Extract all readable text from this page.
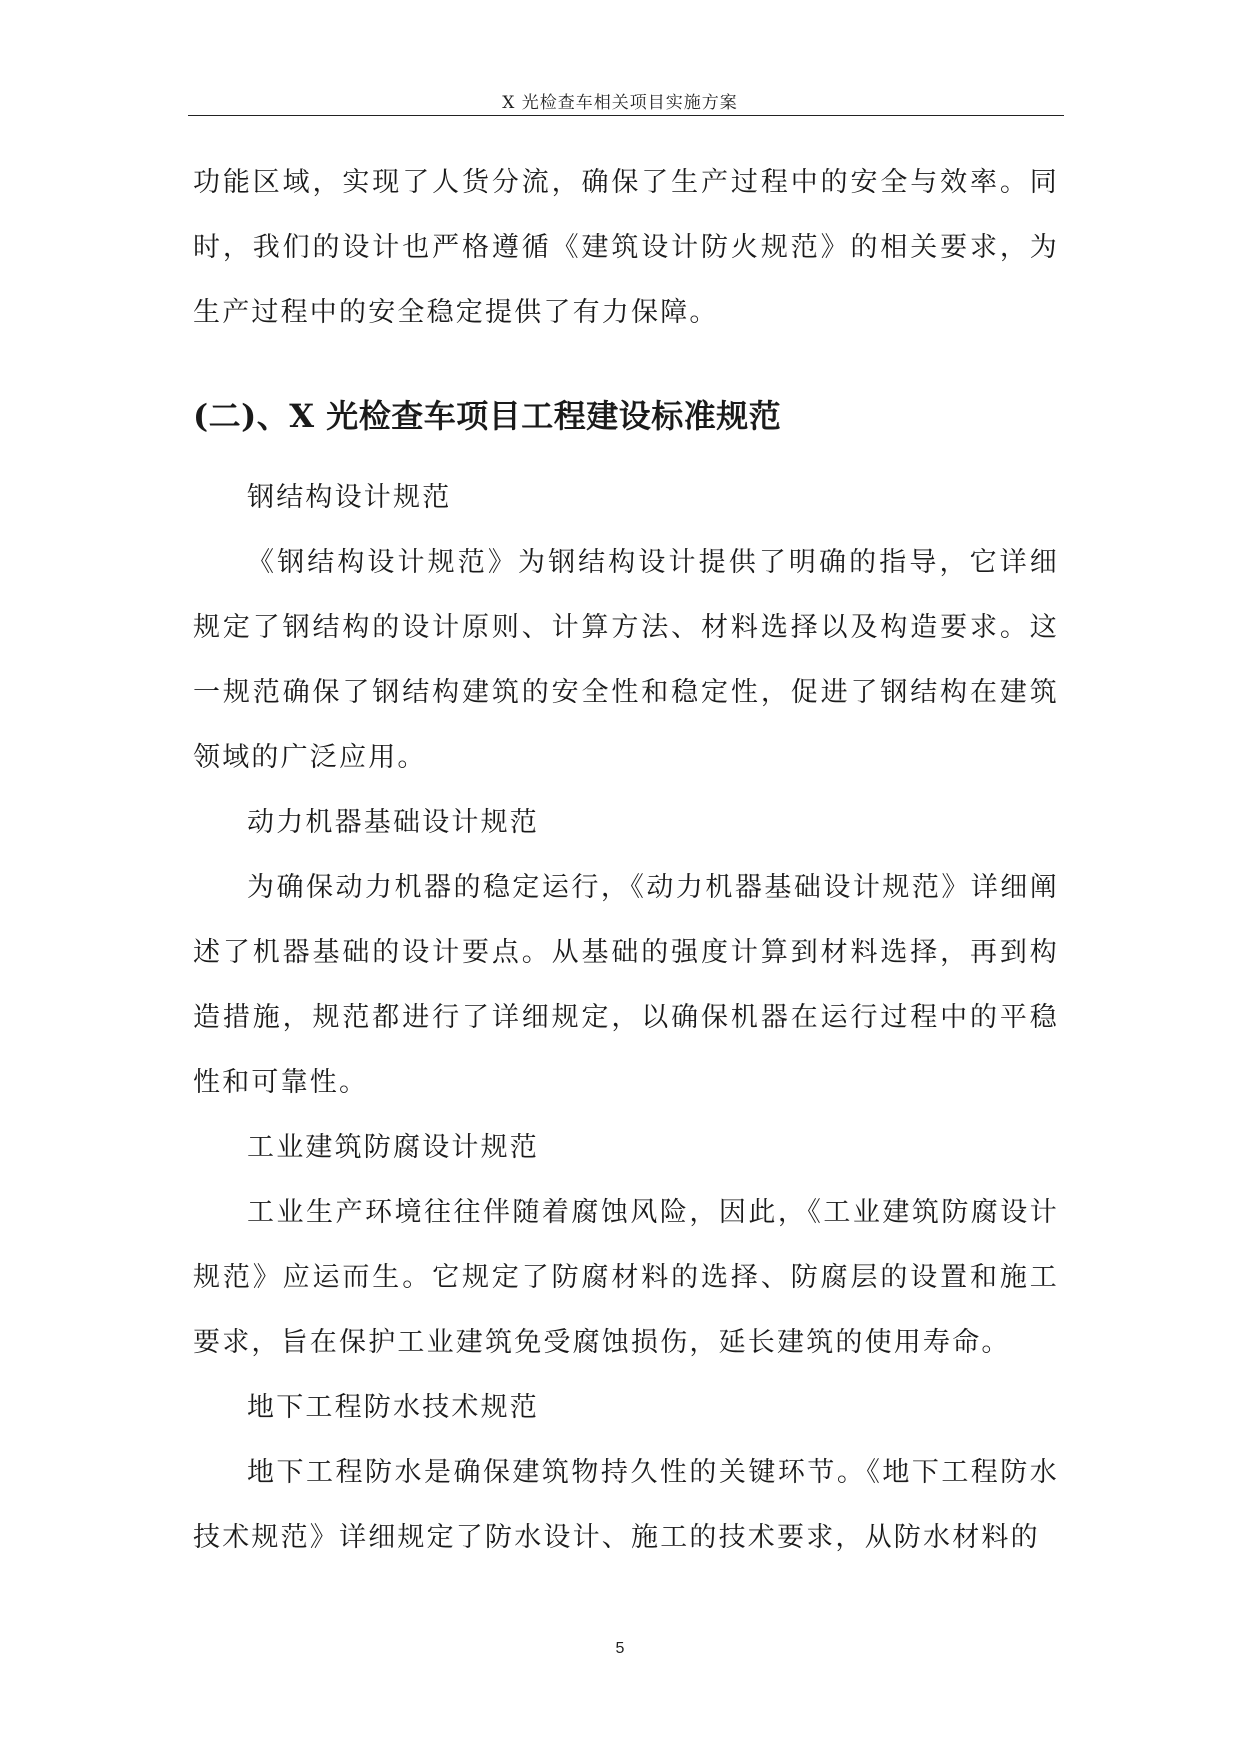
X 光检查车相关项目实施方案

功能区域，实现了人货分流，确保了生产过程中的安全与效率。同时，我们的设计也严格遵循《建筑设计防火规范》的相关要求，为生产过程中的安全稳定提供了有力保障。

(二)、X 光检查车项目工程建设标准规范

钢结构设计规范

《钢结构设计规范》为钢结构设计提供了明确的指导，它详细规定了钢结构的设计原则、计算方法、材料选择以及构造要求。这一规范确保了钢结构建筑的安全性和稳定性，促进了钢结构在建筑领域的广泛应用。

动力机器基础设计规范

为确保动力机器的稳定运行，《动力机器基础设计规范》详细阐述了机器基础的设计要点。从基础的强度计算到材料选择，再到构造措施，规范都进行了详细规定，以确保机器在运行过程中的平稳性和可靠性。

工业建筑防腐设计规范

工业生产环境往往伴随着腐蚀风险，因此，《工业建筑防腐设计规范》应运而生。它规定了防腐材料的选择、防腐层的设置和施工要求，旨在保护工业建筑免受腐蚀损伤，延长建筑的使用寿命。

地下工程防水技术规范

地下工程防水是确保建筑物持久性的关键环节。《地下工程防水技术规范》详细规定了防水设计、施工的技术要求，从防水材料的

5
